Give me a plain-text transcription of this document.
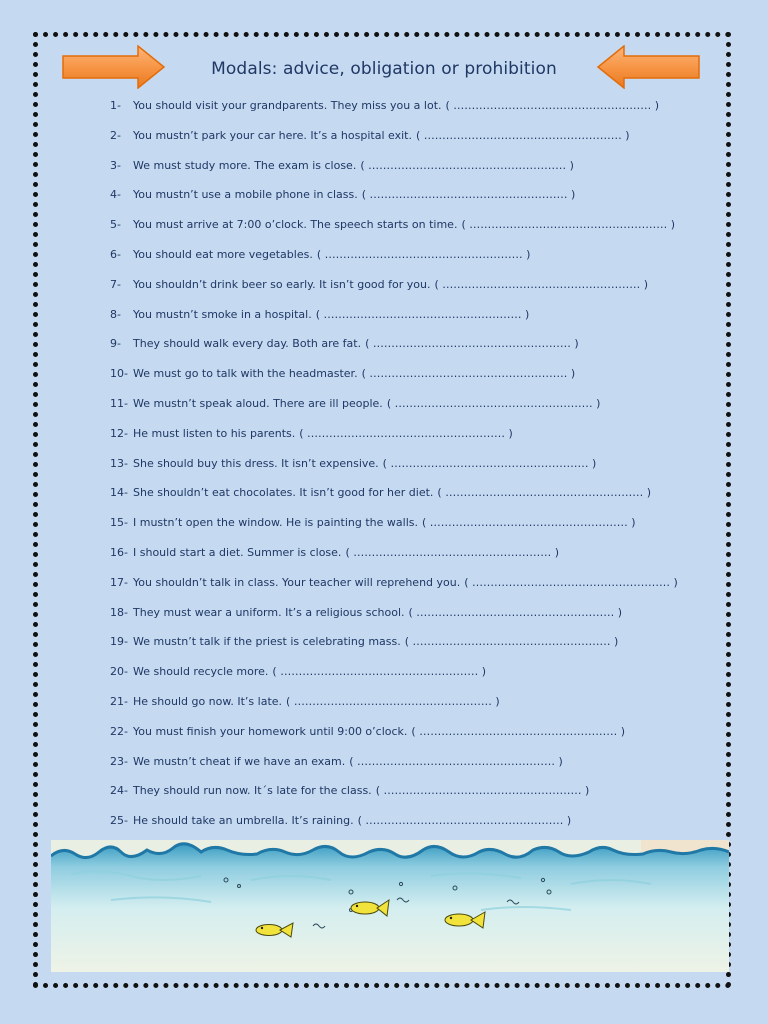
Modals: advice, obligation or prohibition
1- You should visit your grandparents. They miss you a lot. ( ……………………………………………… )
2- You mustn’t park your car here. It’s a hospital exit. ( ……………………………………………… )
3- We must study more. The exam is close. ( ……………………………………………… )
4- You mustn’t use a mobile phone in class. ( ……………………………………………… )
5- You must arrive at 7:00 o’clock. The speech starts on time. ( ……………………………………………… )
6- You should eat more vegetables. ( ……………………………………………… )
7- You shouldn’t drink beer so early. It isn’t good for you. ( ……………………………………………… )
8- You mustn’t smoke in a hospital. ( ……………………………………………… )
9- They should walk every day. Both are fat. ( ……………………………………………… )
10- We must go to talk with the headmaster. ( ……………………………………………… )
11- We mustn’t speak aloud. There are ill people. ( ……………………………………………… )
12- He must listen to his parents. ( ……………………………………………… )
13- She should buy this dress. It isn’t expensive. ( ……………………………………………… )
14- She shouldn’t eat chocolates. It isn’t good for her diet. ( ……………………………………………… )
15- I mustn’t open the window. He is painting the walls. ( ……………………………………………… )
16- I should start a diet. Summer is close. ( ……………………………………………… )
17- You shouldn’t talk in class. Your teacher will reprehend you. ( ……………………………………………… )
18- They must wear a uniform. It’s a religious school. ( ……………………………………………… )
19- We mustn’t talk if the priest is celebrating mass. ( ……………………………………………… )
20- We should recycle more. ( ……………………………………………… )
21- He should go now. It’s late. ( ……………………………………………… )
22- You must finish your homework until 9:00 o’clock. ( ……………………………………………… )
23- We mustn’t cheat if we have an exam. ( ……………………………………………… )
24- They should run now. It´s late for the class. ( ……………………………………………… )
25- He should take an umbrella. It’s raining. ( ……………………………………………… )
